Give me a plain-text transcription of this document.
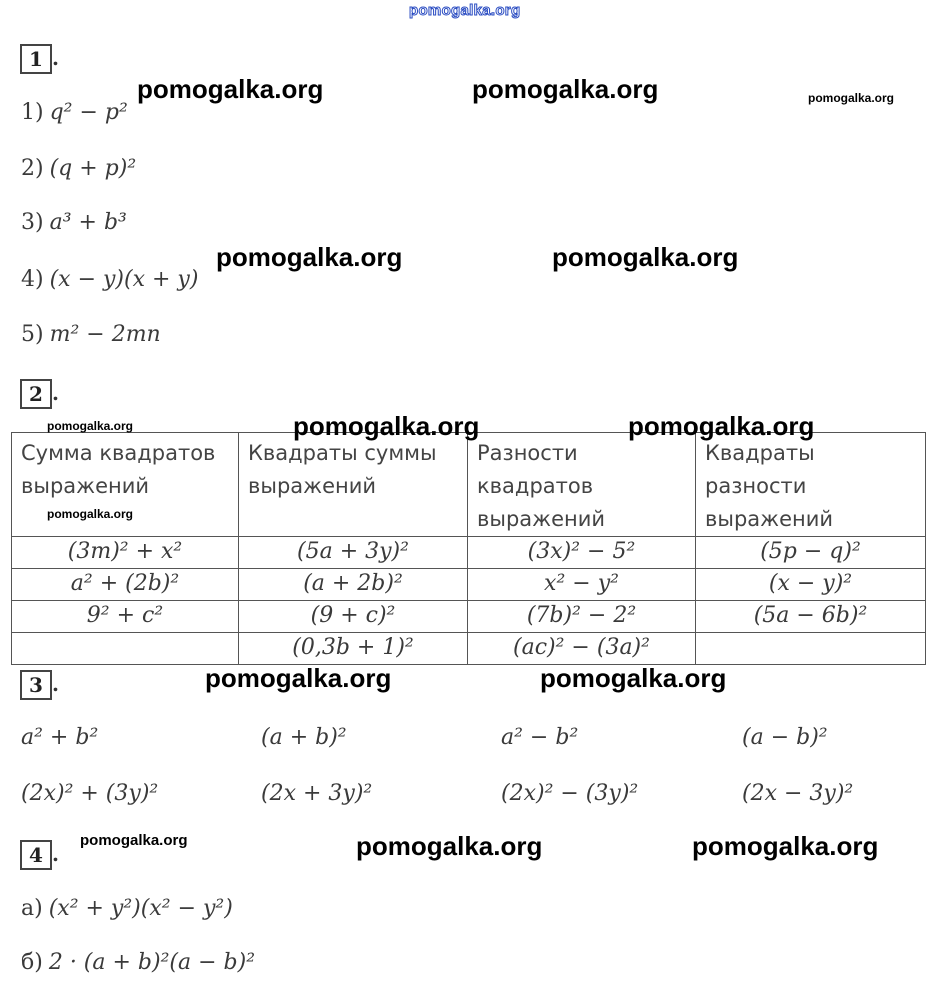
pomogalka.org
1 .
1) q² − p²
2) (q + p)²
3) a³ + b³
4) (x − y)(x + y)
5) m² − 2mn
2 .
Сумма квадратов выражений	Квадраты суммы выражений	Разности квадратов выражений	Квадраты разности выражений
(3m)² + x²	(5a + 3y)²	(3x)² − 5²	(5p − q)²
a² + (2b)²	(a + 2b)²	x² − y²	(x − y)²
9² + c²	(9 + c)²	(7b)² − 2²	(5a − 6b)²
	(0,3b + 1)²	(ac)² − (3a)²	
3 .
a² + b²	(a + b)²	a² − b²	(a − b)²
(2x)² + (3y)²	(2x + 3y)²	(2x)² − (3y)²	(2x − 3y)²
4 .
а) (x² + y²)(x² − y²)
б) 2 · (a + b)²(a − b)²
pomogalka.org	pomogalka.org	pomogalka.org
pomogalka.org	pomogalka.org
pomogalka.org	pomogalka.org	pomogalka.org
pomogalka.org
pomogalka.org	pomogalka.org
pomogalka.org	pomogalka.org	pomogalka.org
